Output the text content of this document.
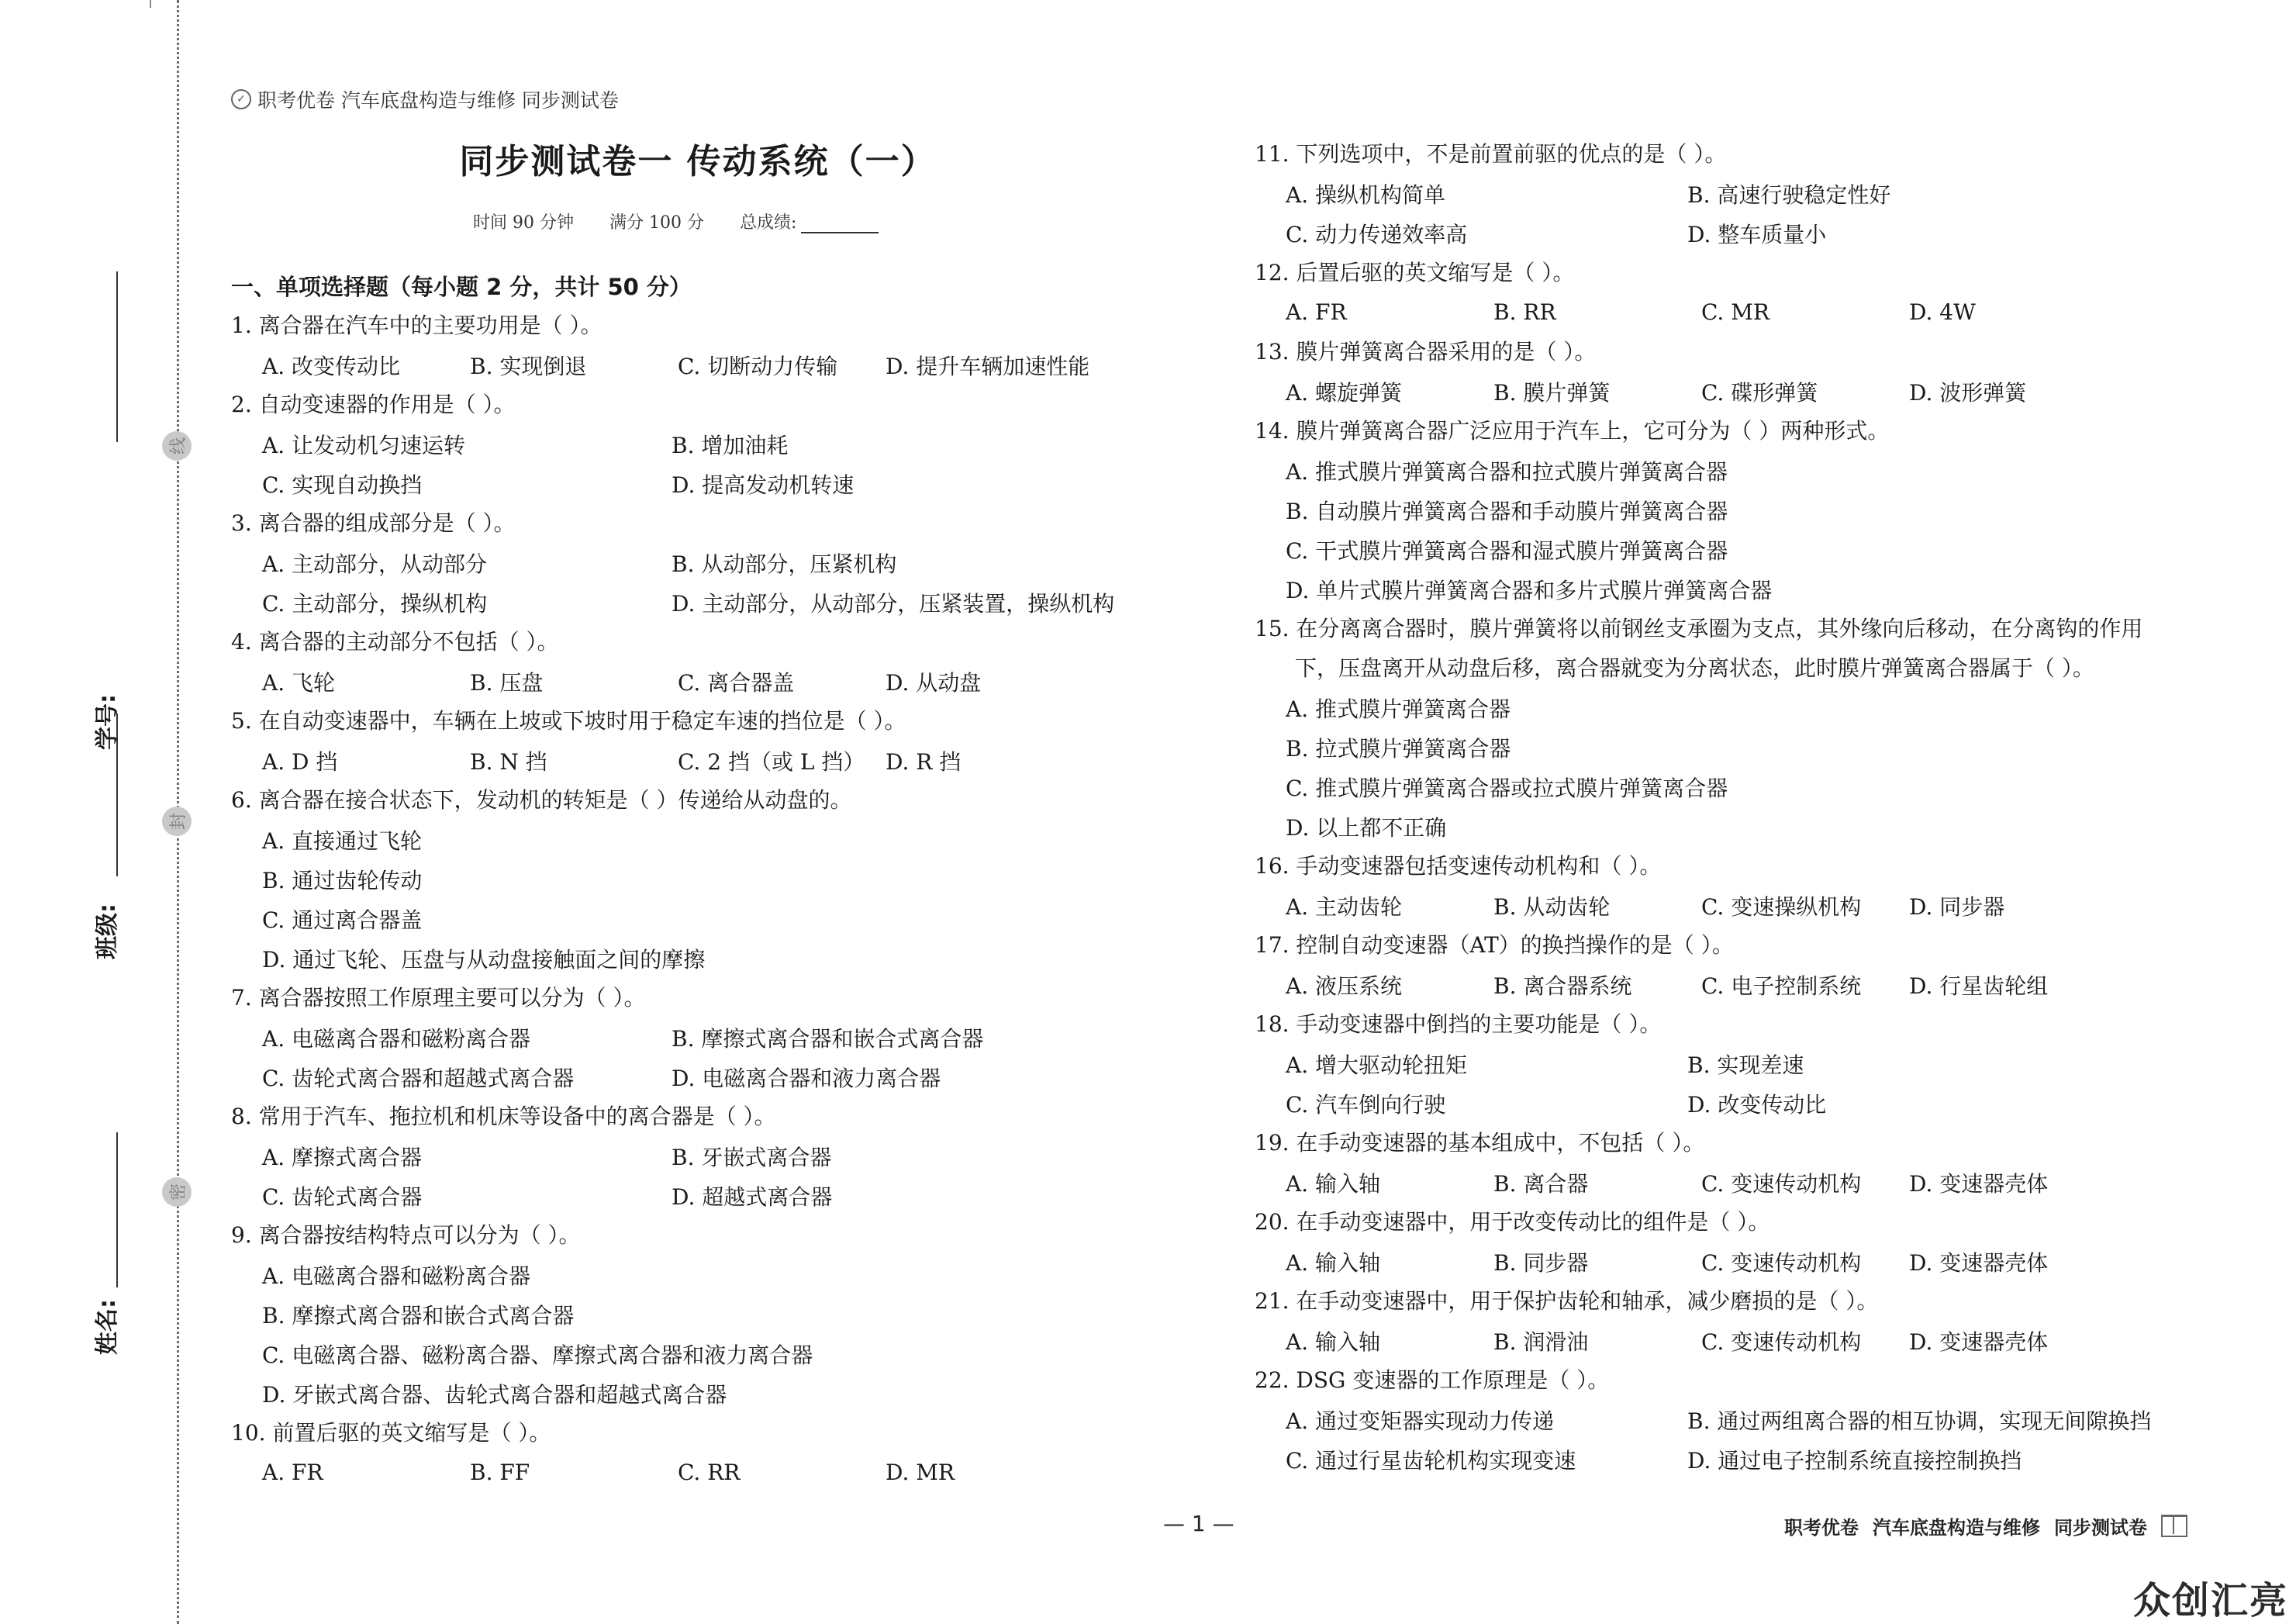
线
封
密
学号:
班级:
姓名:
✓ 职考优卷 汽车底盘构造与维修 同步测试卷
同步测试卷一 传动系统（一）
时间 90 分钟 满分 100 分 总成绩:
一、单项选择题（每小题 2 分，共计 50 分）
1. 离合器在汽车中的主要功用是（ ）。
A. 改变传动比	B. 实现倒退	C. 切断动力传输	D. 提升车辆加速性能
2. 自动变速器的作用是（ ）。
A. 让发动机匀速运转	B. 增加油耗
C. 实现自动换挡	D. 提高发动机转速
3. 离合器的组成部分是（ ）。
A. 主动部分，从动部分	B. 从动部分，压紧机构
C. 主动部分，操纵机构	D. 主动部分，从动部分，压紧装置，操纵机构
4. 离合器的主动部分不包括（ ）。
A. 飞轮	B. 压盘	C. 离合器盖	D. 从动盘
5. 在自动变速器中，车辆在上坡或下坡时用于稳定车速的挡位是（ ）。
A. D 挡	B. N 挡	C. 2 挡（或 L 挡） D. R 挡
6. 离合器在接合状态下，发动机的转矩是（ ）传递给从动盘的。
A. 直接通过飞轮
B. 通过齿轮传动
C. 通过离合器盖
D. 通过飞轮、压盘与从动盘接触面之间的摩擦
7. 离合器按照工作原理主要可以分为（ ）。
A. 电磁离合器和磁粉离合器	B. 摩擦式离合器和嵌合式离合器
C. 齿轮式离合器和超越式离合器	D. 电磁离合器和液力离合器
8. 常用于汽车、拖拉机和机床等设备中的离合器是（ ）。
A. 摩擦式离合器	B. 牙嵌式离合器
C. 齿轮式离合器	D. 超越式离合器
9. 离合器按结构特点可以分为（ ）。
A. 电磁离合器和磁粉离合器
B. 摩擦式离合器和嵌合式离合器
C. 电磁离合器、磁粉离合器、摩擦式离合器和液力离合器
D. 牙嵌式离合器、齿轮式离合器和超越式离合器
10. 前置后驱的英文缩写是（ ）。
A. FR	B. FF	C. RR	D. MR
11. 下列选项中，不是前置前驱的优点的是（ ）。
A. 操纵机构简单	B. 高速行驶稳定性好
C. 动力传递效率高	D. 整车质量小
12. 后置后驱的英文缩写是（ ）。
A. FR	B. RR	C. MR	D. 4W
13. 膜片弹簧离合器采用的是（ ）。
A. 螺旋弹簧	B. 膜片弹簧	C. 碟形弹簧	D. 波形弹簧
14. 膜片弹簧离合器广泛应用于汽车上，它可分为（ ）两种形式。
A. 推式膜片弹簧离合器和拉式膜片弹簧离合器
B. 自动膜片弹簧离合器和手动膜片弹簧离合器
C. 干式膜片弹簧离合器和湿式膜片弹簧离合器
D. 单片式膜片弹簧离合器和多片式膜片弹簧离合器
15. 在分离离合器时，膜片弹簧将以前钢丝支承圈为支点，其外缘向后移动，在分离钩的作用下，压盘离开从动盘后移，离合器就变为分离状态，此时膜片弹簧离合器属于（ ）。
A. 推式膜片弹簧离合器
B. 拉式膜片弹簧离合器
C. 推式膜片弹簧离合器或拉式膜片弹簧离合器
D. 以上都不正确
16. 手动变速器包括变速传动机构和（ ）。
A. 主动齿轮	B. 从动齿轮	C. 变速操纵机构	D. 同步器
17. 控制自动变速器（AT）的换挡操作的是（ ）。
A. 液压系统	B. 离合器系统	C. 电子控制系统	D. 行星齿轮组
18. 手动变速器中倒挡的主要功能是（ ）。
A. 增大驱动轮扭矩	B. 实现差速
C. 汽车倒向行驶	D. 改变传动比
19. 在手动变速器的基本组成中，不包括（ ）。
A. 输入轴	B. 离合器	C. 变速传动机构	D. 变速器壳体
20. 在手动变速器中，用于改变传动比的组件是（ ）。
A. 输入轴	B. 同步器	C. 变速传动机构	D. 变速器壳体
21. 在手动变速器中，用于保护齿轮和轴承，减少磨损的是（ ）。
A. 输入轴	B. 润滑油	C. 变速传动机构	D. 变速器壳体
22. DSG 变速器的工作原理是（ ）。
A. 通过变矩器实现动力传递	B. 通过两组离合器的相互协调，实现无间隙换挡
C. 通过行星齿轮机构实现变速	D. 通过电子控制系统直接控制换挡
— 1 —	职考优卷 汽车底盘构造与维修 同步测试卷
众创汇亮
